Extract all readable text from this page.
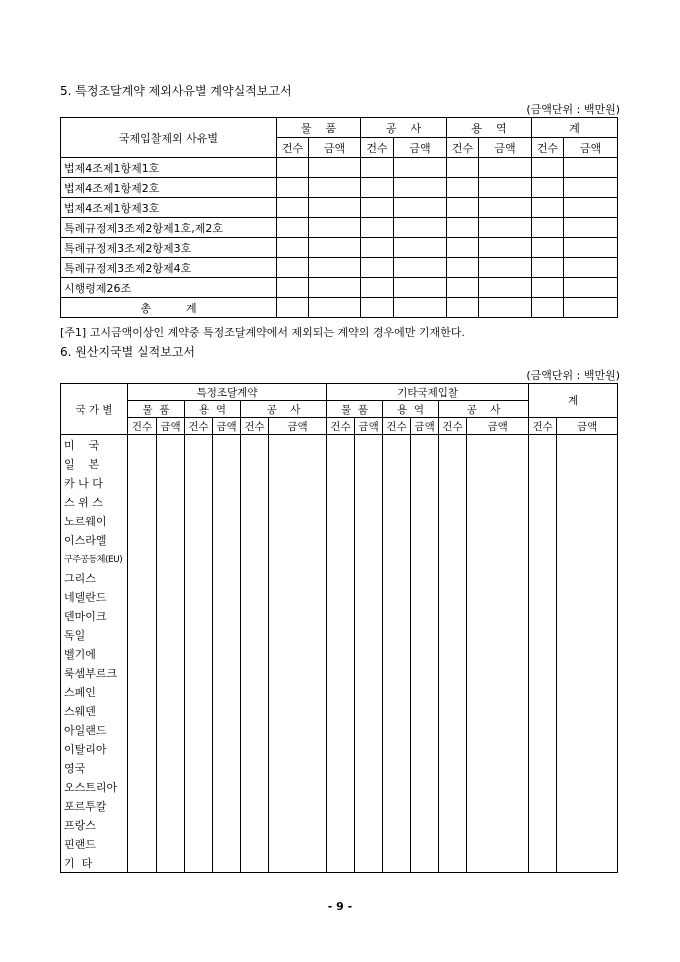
5. 특정조달계약 제외사유별 계약실적보고서
(금액단위 : 백만원)
국제입찰제외 사유별	물    품		공    사		용    역		계	
	건수	금액	건수	금액	건수	금액	건수	금액
법제4조제1항제1호								
법제4조제1항제2호								
법제4조제1항제3호								
특례규정제3조제2항제1호,제2호								
특례규정제3조제2항제3호								
특례규정제3조제2항제4호								
시행령제26조								
총          계								
[주1] 고시금액이상인 계약중 특정조달계약에서 제외되는 계약의 경우에만 기재한다.
6. 원산지국별 실적보고서
(금액단위 : 백만원)
국 가 별	특정조달계약						기타국제입찰						계	
	물  품		용  역		공    사		물  품		용  역		공    사			
	건수	금액	건수	금액	건수	금액	건수	금액	건수	금액	건수	금액	건수	금액
미    국														
일    본														
카 나 다														
스 위 스														
노르웨이														
이스라엘														
구주공동체(EU)														
그리스														
네델란드														
덴마이크														
독일														
벨기에														
룩셈부르크														
스페인														
스웨덴														
아일랜드														
이탈리아														
영국														
오스트리아														
포르투칼														
프랑스														
핀랜드														
기  타														
- 9 -
